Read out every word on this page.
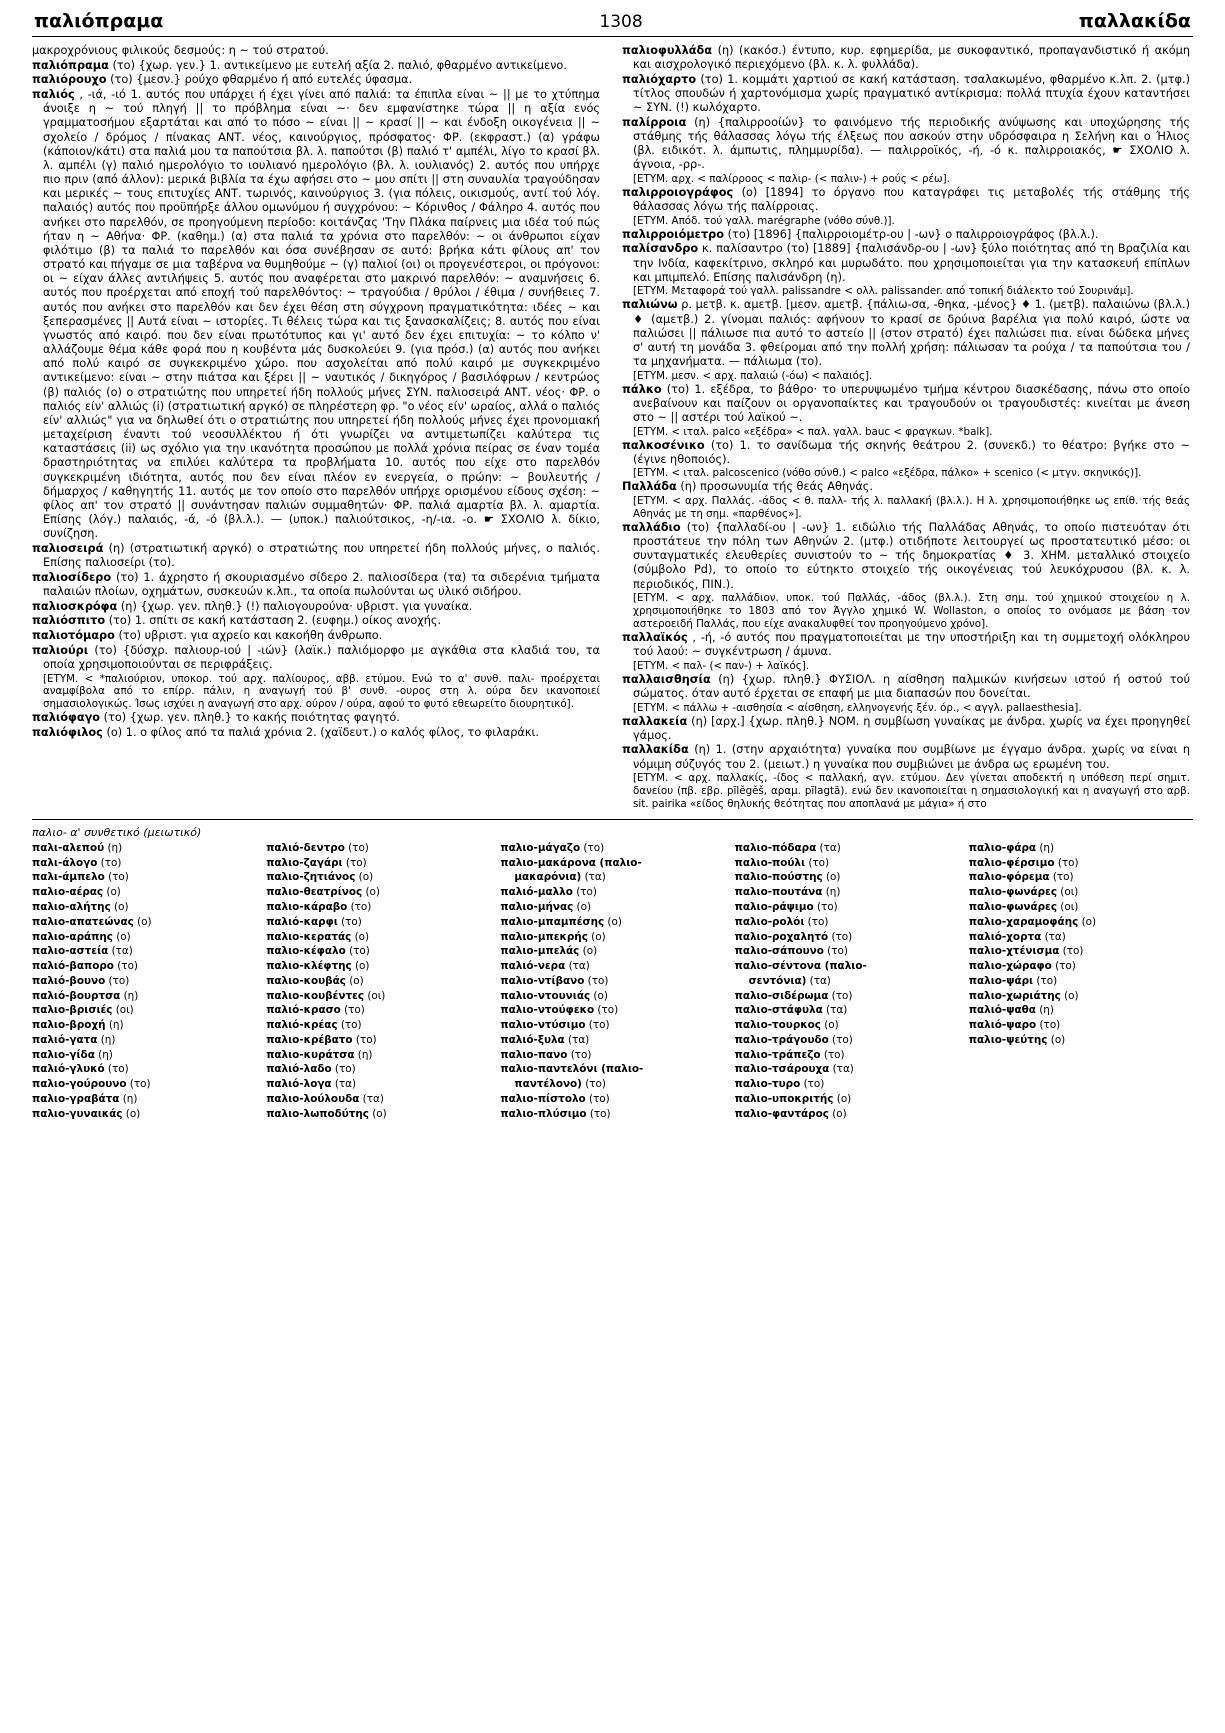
παλιόπραμα	1308	παλλακίδα

μακροχρόνιους φιλικούς δεσμούς: η ~ τού στρατού.

παλιόπραμα (το) {χωρ. γεν.} 1. αντικείμενο με ευτελή αξία 2. παλιό, φθαρμένο αντικείμενο.

παλιόρουχο (το) {μεσν.} ρούχο φθαρμένο ή από ευτελές ύφασμα.

παλιός , -ιά, -ιό 1. αυτός που υπάρχει ή έχει γίνει από παλιά: τα έπιπλα είναι ~ || με το χτύπημα άνοιξε η ~ τού πληγή || το πρόβλημα είναι ~· δεν εμφανίστηκε τώρα || η αξία ενός γραμματοσήμου εξαρτάται και από το πόσο ~ είναι || ~ κρασί || ~ και ένδοξη οικογένεια || ~ σχολείο / δρόμος / πίνακας ΑΝΤ. νέος, καινούργιος, πρόσφατος· ΦΡ. (εκφραστ.) (α) γράφω (κάποιον/κάτι) στα παλιά μου τα παπούτσια βλ. λ. παπούτσι (β) παλιό τ' αμπέλι, λίγο το κρασί βλ. λ. αμπέλι (γ) παλιό ημερολόγιο το ιουλιανό ημερολόγιο (βλ. λ. ιουλιανός) 2. αυτός που υπήρχε πιο πριν (από άλλον): μερικά βιβλία τα έχω αφήσει στο ~ μου σπίτι || στη συναυλία τραγούδησαν και μερικές ~ τους επιτυχίες ΑΝΤ. τωρινός, καινούργιος 3. (για πόλεις, οικισμούς, αντί τού λόγ. παλαιός) αυτός που προϋπήρξε άλλου ομωνύμου ή συγχρόνου: ~ Κόρινθος / Φάληρο 4. αυτός που ανήκει στο παρελθόν, σε προηγούμενη περίοδο: κοιτάνζας 'Την Πλάκα παίρνεις μια ιδέα τού πώς ήταν η ~ Αθήνα· ΦΡ. (καθημ.) (α) στα παλιά τα χρόνια στο παρελθόν: ~ οι άνθρωποι είχαν φιλότιμο (β) τα παλιά το παρελθόν και όσα συνέβησαν σε αυτό: βρήκα κάτι φίλους απ' τον στρατό και πήγαμε σε μια ταβέρνα να θυμηθούμε ~ (γ) παλιοί (οι) οι προγενέστεροι, οι πρόγονοι: οι ~ είχαν άλλες αντιλήψεις 5. αυτός που αναφέρεται στο μακρινό παρελθόν: ~ αναμνήσεις 6. αυτός που προέρχεται από εποχή τού παρελθόντος: ~ τραγούδια / θρύλοι / έθιμα / συνήθειες 7. αυτός που ανήκει στο παρελθόν και δεν έχει θέση στη σύγχρονη πραγματικότητα: ιδέες ~ και ξεπερασμένες || Αυτά είναι ~ ιστορίες. Τι θέλεις τώρα και τις ξανασκαλίζεις; 8. αυτός που είναι γνωστός από καιρό. που δεν είναι πρωτότυπος και γι' αυτό δεν έχει επιτυχία: ~ το κόλπο ν' αλλάζουμε θέμα κάθε φορά που η κουβέντα μάς δυσκολεύει 9. (για πρόσ.) (α) αυτός που ανήκει από πολύ καιρό σε συγκεκριμένο χώρο. που ασχολείται από πολύ καιρό με συγκεκριμένο αντικείμενο: είναι ~ στην πιάτσα και ξέρει || ~ ναυτικός / δικηγόρος / βασιλόφρων / κεντρώος (β) παλιός (ο) ο στρατιώτης που υπηρετεί ήδη πολλούς μήνες ΣΥΝ. παλιοσειρά ΑΝΤ. νέος· ΦΡ. ο παλιός είν' αλλιώς (i) (στρατιωτική αργκό) σε πληρέστερη φρ. "ο νέος είν' ωραίος, αλλά ο παλιός είν' αλλιώς" για να δηλωθεί ότι ο στρατιώτης που υπηρετεί ήδη πολλούς μήνες έχει προνομιακή μεταχείριση έναντι τού νεοσυλλέκτου ή ότι γνωρίζει να αντιμετωπίζει καλύτερα τις καταστάσεις (ii) ως σχόλιο για την ικανότητα προσώπου με πολλά χρόνια πείρας σε έναν τομέα δραστηριότητας να επιλύει καλύτερα τα προβλήματα 10. αυτός που είχε στο παρελθόν συγκεκριμένη ιδιότητα, αυτός που δεν είναι πλέον εν ενεργεία, ο πρώην: ~ βουλευτής / δήμαρχος / καθηγητής 11. αυτός με τον οποίο στο παρελθόν υπήρχε ορισμένου είδους σχέση: ~ φίλος απ' τον στρατό || συνάντησαν παλιών συμμαθητών· ΦΡ. παλιά αμαρτία βλ. λ. αμαρτία. Επίσης (λόγ.) παλαιός, -ά, -ό (βλ.λ.). — (υποκ.) παλιούτσικος, -η/-ια. -ο. ☛ ΣΧΟΛΙΟ λ. δίκιο, συνίζηση.

παλιοσειρά (η) (στρατιωτική αργκό) ο στρατιώτης που υπηρετεί ήδη πολλούς μήνες, ο παλιός. Επίσης παλιοσείρι (το).

παλιοσίδερο (το) 1. άχρηστο ή σκουριασμένο σίδερο 2. παλιοσίδερα (τα) τα σιδερένια τμήματα παλαιών πλοίων, οχημάτων, συσκευών κ.λπ., τα οποία πωλούνται ως υλικό σιδήρου.

παλιοσκρόφα (η) {χωρ. γεν. πληθ.} (!) παλιογουρούνα· υβριστ. για γυναίκα.

παλιόσπιτο (το) 1. σπίτι σε κακή κατάσταση 2. (ευφημ.) οίκος ανοχής.

παλιοτόμαρο (το) υβριστ. για αχρείο και κακοήθη άνθρωπο.

παλιούρι (το) {δύσχρ. παλιουρ-ιού | -ιών} (λαϊκ.) παλιόμορφο με αγκάθια στα κλαδιά του, τα οποία χρησιμοποιούνται σε περιφράξεις.

[ΕΤΥΜ. < *παλιούριον, υποκορ. τού αρχ. παλίουρος, αββ. ετύμου. Ενώ το α' συνθ. παλι- προέρχεται αναμφίβολα από το επίρρ. πάλιν, η αναγωγή τού β' συνθ. -ουρος στη λ. ούρα δεν ικανοποιεί σημασιολογικώς. Ίσως ισχύει η αναγωγή στο αρχ. ούρον / ούρα, αφού το φυτό εθεωρείτο διουρητικό].

παλιόφαγο (το) {χωρ. γεν. πληθ.} το κακής ποιότητας φαγητό.

παλιόφιλος (ο) 1. ο φίλος από τα παλιά χρόνια 2. (χαϊδευτ.) ο καλός φίλος, το φιλαράκι.

παλιοφυλλάδα (η) (κακόσ.) έντυπο, κυρ. εφημερίδα, με συκοφαντικό, προπαγανδιστικό ή ακόμη και αισχρολογικό περιεχόμενο (βλ. κ. λ. φυλλάδα).

παλιόχαρτο (το) 1. κομμάτι χαρτιού σε κακή κατάσταση. τσαλακωμένο, φθαρμένο κ.λπ. 2. (μτφ.) τίτλος σπουδών ή χαρτονόμισμα χωρίς πραγματικό αντίκρισμα: πολλά πτυχία έχουν καταντήσει ~ ΣΥΝ. (!) κωλόχαρτο.

παλίρροια (η) {παλιρροοίών} το φαινόμενο τής περιοδικής ανύψωσης και υποχώρησης τής στάθμης τής θάλασσας λόγω τής έλξεως που ασκούν στην υδρόσφαιρα η Σελήνη και ο Ήλιος (βλ. ειδικότ. λ. άμπωτις, πλημμυρίδα). — παλιρροϊκός, -ή, -ό κ. παλιρροιακός, ☛ ΣΧΟΛΙΟ λ. άγνοια, -ρρ-.

[ΕΤΥΜ. αρχ. < παλίρροος < παλιρ- (< παλιν-) + ρούς < ρέω].

παλιρροιογράφος (ο) [1894] το όργανο που καταγράφει τις μεταβολές τής στάθμης τής θάλασσας λόγω τής παλίρροιας.

[ΕΤΥΜ. Απόδ. τού γαλλ. marégraphe (νόθο σύνθ.)].

παλιρροιόμετρο (το) [1896] {παλιρροιομέτρ-ου | -ων} ο παλιρροιογράφος (βλ.λ.).

παλίσανδρο κ. παλίσαντρο (το) [1889] {παλισάνδρ-ου | -ων} ξύλο ποιότητας από τη Βραζιλία και την Ινδία, καφεκίτρινο, σκληρό και μυρωδάτο. που χρησιμοποιείται για την κατασκευή επίπλων και μπιμπελό. Επίσης παλισάνδρη (η).

[ΕΤΥΜ. Μεταφορά τού γαλλ. palissandre < ολλ. palissander. από τοπική διάλεκτο τού Σουρινάμ].

παλιώνω ρ. μετβ. κ. αμετβ. [μεσν. αμετβ. {πάλιω-σα, -θηκα, -μένος} ♦ 1. (μετβ). παλαιώνω (βλ.λ.) ♦ (αμετβ.) 2. γίνομαι παλιός: αφήνουν το κρασί σε δρύινα βαρέλια για πολύ καιρό, ώστε να παλιώσει || πάλιωσε πια αυτό το αστείο || (στον στρατό) έχει παλιώσει πια. είναι δώδεκα μήνες σ' αυτή τη μονάδα 3. φθείρομαι από την πολλή χρήση: πάλιωσαν τα ρούχα / τα παπούτσια του / τα μηχανήματα. — πάλιωμα (το).

[ΕΤΥΜ. μεσν. < αρχ. παλαιώ (-όω) < παλαιός].

πάλκο (το) 1. εξέδρα, το βάθρο· το υπερυψωμένο τμήμα κέντρου διασκέδασης, πάνω στο οποίο ανεβαίνουν και παίζουν οι οργανοπαίκτες και τραγουδούν οι τραγουδιστές: κινείται με άνεση στο ~ || αστέρι τού λαϊκού ~.

[ΕΤΥΜ. < ιταλ. palco «εξέδρα» < παλ. γαλλ. bauc < φραγκων. *balk].

παλκοσένικο (το) 1. το σανίδωμα τής σκηνής θεάτρου 2. (συνεκδ.) το θέατρο: βγήκε στο ~ (έγινε ηθοποιός).

[ΕΤΥΜ. < ιταλ. palcoscenico (νόθο σύνθ.) < palco «εξέδρα, πάλκο» + scenico (< μτγν. σκηνικός)].

Παλλάδα (η) προσωνυμία τής θεάς Αθηνάς.

[ΕΤΥΜ. < αρχ. Παλλάς. -άδος < θ. παλλ- τής λ. παλλακή (βλ.λ.). Η λ. χρησιμοποιήθηκε ως επίθ. τής θεάς Αθηνάς με τη σημ. «παρθένος»].

παλλάδιο (το) {παλλαδί-ου | -ων} 1. ειδώλιο τής Παλλάδας Αθηνάς, το οποίο πιστευόταν ότι προστάτευε την πόλη των Αθηνών 2. (μτφ.) οτιδήποτε λειτουργεί ως προστατευτικό μέσο: οι συνταγματικές ελευθερίες συνιστούν το ~ τής δημοκρατίας ♦ 3. ΧΗΜ. μεταλλικό στοιχείο (σύμβολο Pd), το οποίο το εύτηκτο στοιχείο τής οικογένειας τού λευκόχρυσου (βλ. κ. λ. περιοδικός, ΠΙΝ.).

[ΕΤΥΜ. < αρχ. παλλάδιον. υποκ. τού Παλλάς, -άδος (βλ.λ.). Στη σημ. τού χημικού στοιχείου η λ. χρησιμοποιήθηκε το 1803 από τον Άγγλο χημικό W. Wollaston, ο οποίος το ονόμασε με βάση τον αστεροειδή Παλλάς, που είχε ανακαλυφθεί τον προηγούμενο χρόνο].

παλλαϊκός , -ή, -ό αυτός που πραγματοποιείται με την υποστήριξη και τη συμμετοχή ολόκληρου τού λαού: ~ συγκέντρωση / άμυνα.

[ΕΤΥΜ. < παλ- (< παν-) + λαϊκός].

παλλαισθησία (η) {χωρ. πληθ.} ΦΥΣΙΟΛ. η αίσθηση παλμικών κινήσεων ιστού ή οστού τού σώματος. όταν αυτό έρχεται σε επαφή με μια διαπασών που δονείται.

[ΕΤΥΜ. < πάλλω + -αισθησία < αίσθηση, ελληνογενής ξέν. όρ., < αγγλ. pallaesthesia].

παλλακεία (η) [αρχ.] {χωρ. πληθ.} ΝΟΜ. η συμβίωση γυναίκας με άνδρα. χωρίς να έχει προηγηθεί γάμος.

παλλακίδα (η) 1. (στην αρχαιότητα) γυναίκα που συμβίωνε με έγγαμο άνδρα. χωρίς να είναι η νόμιμη σύζυγός του 2. (μειωτ.) η γυναίκα που συμβιώνει με άνδρα ως ερωμένη του.

[ΕΤΥΜ. < αρχ. παλλακίς, -ίδος < παλλακή, αγν. ετύμου. Δεν γίνεται αποδεκτή η υπόθεση περί σημιτ. δανείου (πβ. εβρ. pīlĕgĕš, αραμ. pīlagtā). ενώ δεν ικανοποιείται η σημασιολογική και η αναγωγή στο αρβ. sit. pairika «είδος θηλυκής θεότητας που αποπλανά με μάγια» ή στο
παλιο- α' συνθετικό (μειωτικό)
παλι-αλεπού (η)	παλιό-δεντρο (το)	παλιο-μάγαζο (το)	παλιο-πόδαρα (τα)	παλιο-φάρα (η)
παλι-άλογο (το)	παλιο-ζαγάρι (το)	παλιο-μακάρονα (παλιο-	παλιο-πούλι (το)	παλιο-φέρσιμο (το)
παλι-άμπελο (το)	παλιο-ζητιάνος (ο)	μακαρόνια) (τα)	παλιο-πούστης (ο)	παλιο-φόρεμα (το)
παλιο-αέρας (ο)	παλιο-θεατρίνος (ο)	παλιό-μαλλο (το)	παλιο-πουτάνα (η)	παλιο-φωνάρες (οι)
παλιο-αλήτης (ο)	παλιο-κάραβο (το)	παλιο-μήνας (ο)	παλιο-ράψιμο (το)	παλιο-φωνάρες (οι)
παλιο-απατεώνας (ο)	παλιό-καρφι (το)	παλιο-μπαμπέσης (ο)	παλιο-ρολόι (το)	παλιο-χαραμοφάης (ο)
παλιο-αράπης (ο)	παλιο-κερατάς (ο)	παλιο-μπεκρής (ο)	παλιο-ροχαλητό (το)	παλιό-χορτα (τα)
παλιο-αστεία (τα)	παλιο-κέφαλο (το)	παλιο-μπελάς (ο)	παλιο-σάπουνο (το)	παλιο-χτένισμα (το)
παλιό-βαπορο (το)	παλιο-κλέφτης (ο)	παλιό-νερα (τα)	παλιο-σέντονα (παλιο-	παλιο-χώραφο (το)
παλιό-βουνο (το)	παλιο-κουβάς (ο)	παλιο-ντίβανο (το)	σεντόνια) (τα)	παλιο-ψάρι (το)
παλιό-βουρτσα (η)	παλιο-κουβέντες (οι)	παλιο-ντουνιάς (ο)	παλιο-σιδέρωμα (το)	παλιο-χωριάτης (ο)
παλιο-βρισιές (οι)	παλιό-κρασο (το)	παλιο-ντούφεκο (το)	παλιο-στάφυλα (τα)	παλιό-ψαθα (η)
παλιο-βροχή (η)	παλιό-κρέας (το)	παλιο-ντύσιμο (το)	παλιο-τουρκος (ο)	παλιό-ψαρο (το)
παλιό-γατα (η)	παλιο-κρέβατο (το)	παλιό-ξυλα (τα)	παλιο-τράγουδο (το)	παλιο-ψεύτης (ο)
παλιο-γίδα (η)	παλιο-κυράτσα (η)	παλιο-πανο (το)	παλιο-τράπεζο (το)
παλιό-γλυκό (το)	παλιό-λαδο (το)	παλιο-παντελόνι (παλιο-	παλιο-τσάρουχα (τα)
παλιο-γούρουνο (το)	παλιό-λογα (τα)	παντέλονο) (το)	παλιο-τυρο (το)
παλιο-γραβάτα (η)	παλιο-λούλουδα (τα)	παλιο-πίστολο (το)	παλιο-υποκριτής (ο)
παλιο-γυναικάς (ο)	παλιο-λωποδύτης (ο)	παλιο-πλύσιμο (το)	παλιο-φαντάρος (ο)
